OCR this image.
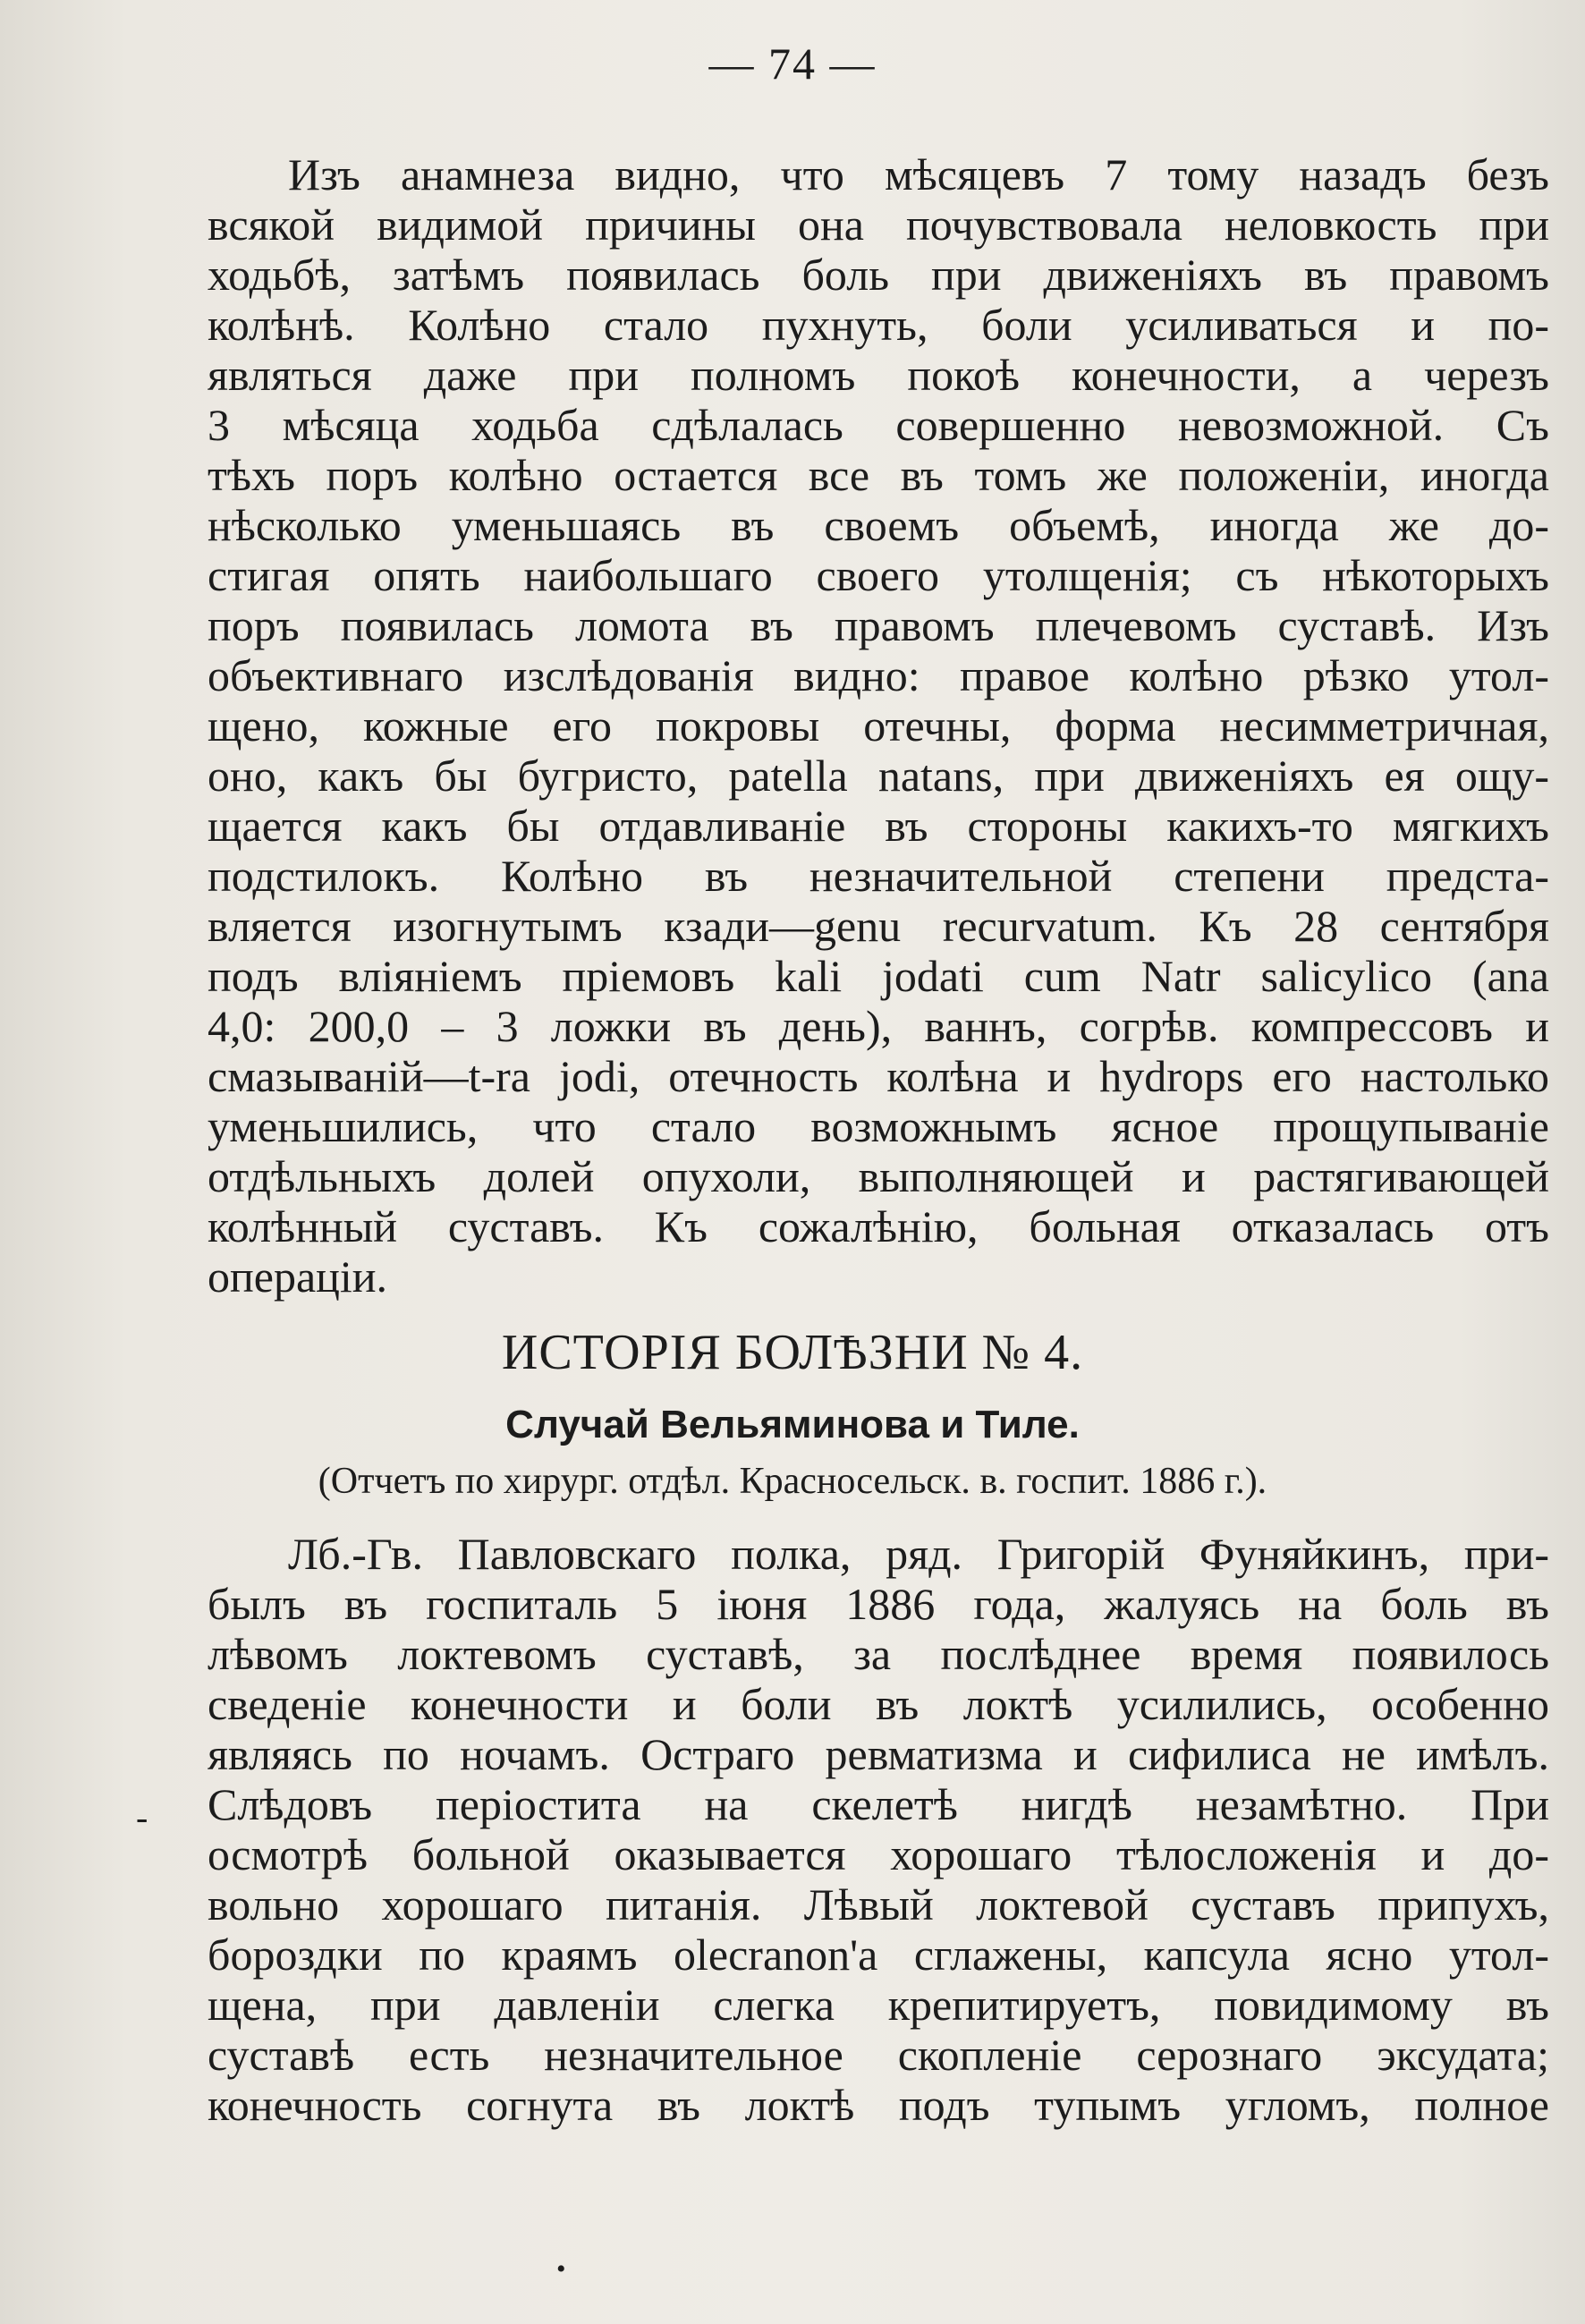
— 74 —
Изъ анамнеза видно, что мѣсяцевъ 7 тому назадъ безъ
всякой видимой причины она почувствовала неловкость при
ходьбѣ, затѣмъ появилась боль при движеніяхъ въ правомъ
колѣнѣ. Колѣно стало пухнуть, боли усиливаться и по-
являться даже при полномъ покоѣ конечности, а черезъ
3 мѣсяца ходьба сдѣлалась совершенно невозможной. Съ
тѣхъ поръ колѣно остается все въ томъ же положеніи, иногда
нѣсколько уменьшаясь въ своемъ объемѣ, иногда же до-
стигая опять наибольшаго своего утолщенія; съ нѣкоторыхъ
поръ появилась ломота въ правомъ плечевомъ суставѣ. Изъ
объективнаго изслѣдованія видно: правое колѣно рѣзко утол-
щено, кожные его покровы отечны, форма несимметричная,
оно, какъ бы бугристо, patella natans, при движеніяхъ ея ощу-
щается какъ бы отдавливаніе въ стороны какихъ-то мягкихъ
подстилокъ. Колѣно въ незначительной степени предста-
вляется изогнутымъ кзади—genu recurvatum. Къ 28 сентября
подъ вліяніемъ пріемовъ kali jodati cum Natr salicylico (ana
4,0: 200,0 – 3 ложки въ день), ваннъ, согрѣв. компрессовъ и
смазываній—t-ra jodi, отечность колѣна и hydrops его настолько
уменьшились, что стало возможнымъ ясное прощупываніе
отдѣльныхъ долей опухоли, выполняющей и растягивающей
колѣнный суставъ. Къ сожалѣнію, больная отказалась отъ
операціи.
ИСТОРІЯ БОЛѢЗНИ № 4.
Случай Вельяминова и Тиле.
(Отчетъ по хирург. отдѣл. Красносельск. в. госпит. 1886 г.).
Лб.-Гв. Павловскаго полка, ряд. Григорій Фуняйкинъ, при-
былъ въ госпиталь 5 іюня 1886 года, жалуясь на боль въ
лѣвомъ локтевомъ суставѣ, за послѣднее время появилось
сведеніе конечности и боли въ локтѣ усилились, особенно
являясь по ночамъ. Остраго ревматизма и сифилиса не имѣлъ.
Слѣдовъ періостита на скелетѣ нигдѣ незамѣтно. При
осмотрѣ больной оказывается хорошаго тѣлосложенія и до-
вольно хорошаго питанія. Лѣвый локтевой суставъ припухъ,
бороздки по краямъ olecranon'а сглажены, капсула ясно утол-
щена, при давленіи слегка крепитируетъ, повидимому въ
суставѣ есть незначительное скопленіе серознаго эксудата;
конечность согнута въ локтѣ подъ тупымъ угломъ, полное
-
•
